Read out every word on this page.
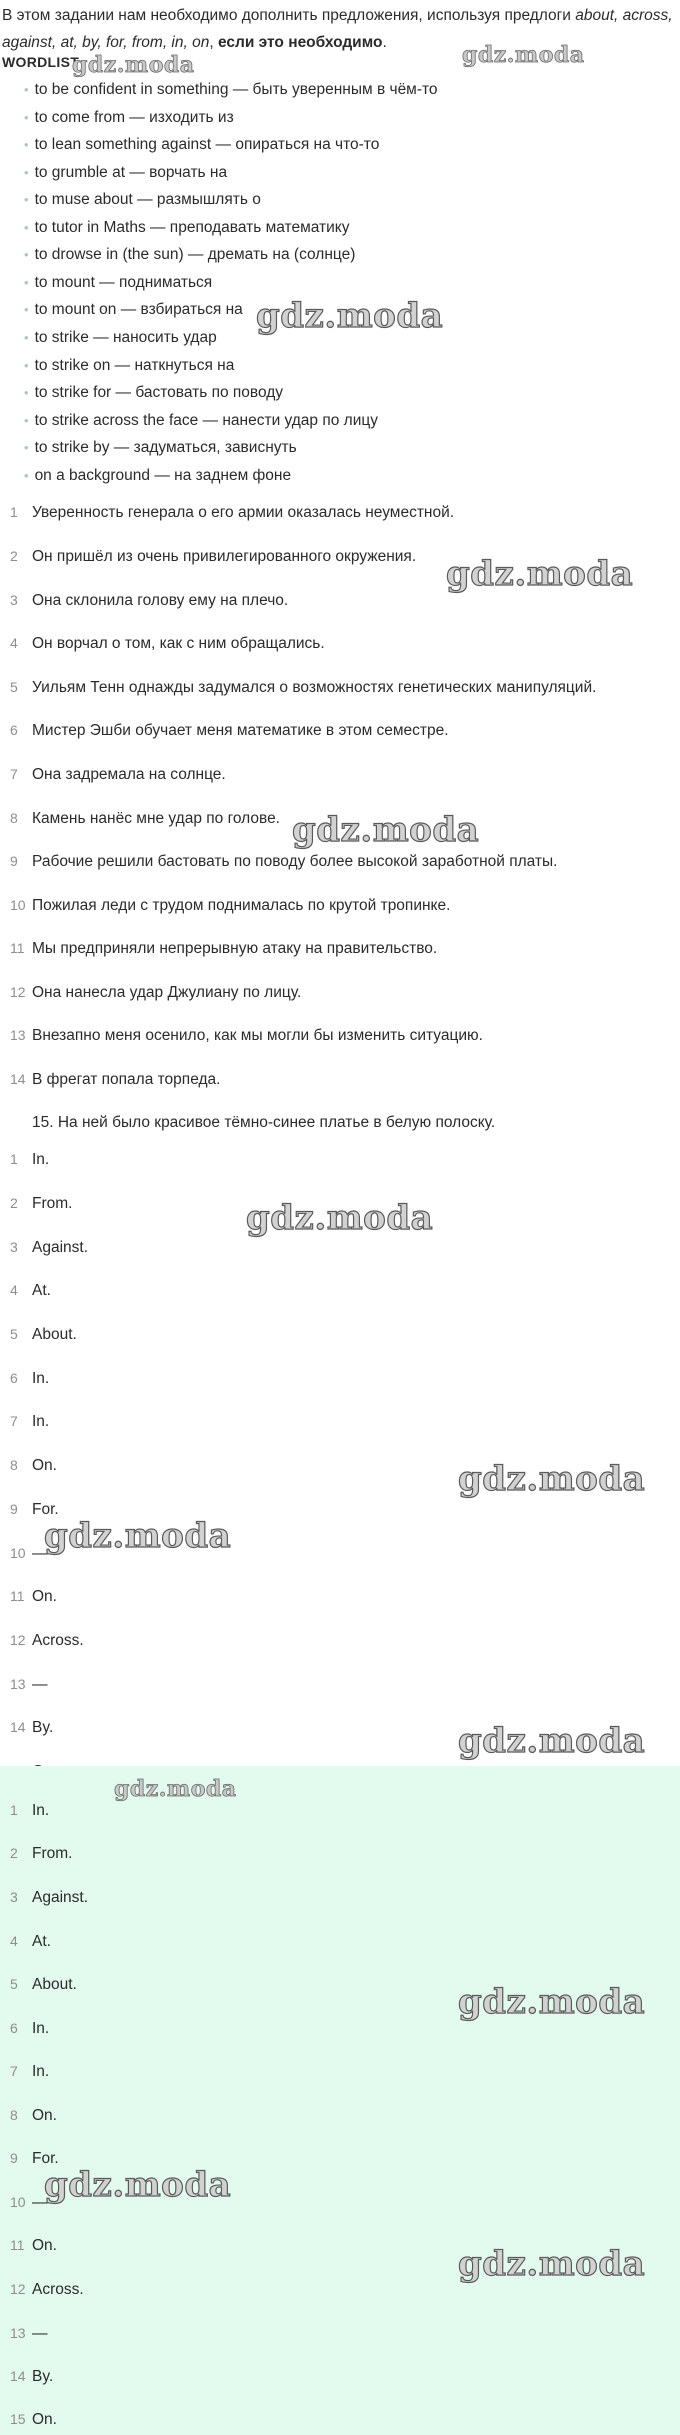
В этом задании нам необходимо дополнить предложения, используя предлоги about, across, against, at, by, for, from, in, on, если это необходимо.
WORDLIST
• to be confident in something — быть уверенным в чём-то
• to come from — изходить из
• to lean something against — опираться на что-то
• to grumble at — ворчать на
• to muse about — размышлять о
• to tutor in Maths — преподавать математику
• to drowse in (the sun) — дремать на (солнце)
• to mount — подниматься
• to mount on — взбираться на
• to strike — наносить удар
• to strike on — наткнуться на
• to strike for — бастовать по поводу
• to strike across the face — нанести удар по лицу
• to strike by — задуматься, зависнуть
• on a background — на заднем фоне
1 Уверенность генерала о его армии оказалась неуместной.
2 Он пришёл из очень привилегированного окружения.
3 Она склонила голову ему на плечо.
4 Он ворчал о том, как с ним обращались.
5 Уильям Тенн однажды задумался о возможностях генетических манипуляций.
6 Мистер Эшби обучает меня математике в этом семестре.
7 Она задремала на солнце.
8 Камень нанёс мне удар по голове.
9 Рабочие решили бастовать по поводу более высокой заработной платы.
10 Пожилая леди с трудом поднималась по крутой тропинке.
11 Мы предприняли непрерывную атаку на правительство.
12 Она нанесла удар Джулиану по лицу.
13 Внезапно меня осенило, как мы могли бы изменить ситуацию.
14 В фрегат попала торпеда.
15. На ней было красивое тёмно-синее платье в белую полоску.
1 In.
2 From.
3 Against.
4 At.
5 About.
6 In.
7 In.
8 On.
9 For.
10 —
11 On.
12 Across.
13 —
14 By.
1 In.
2 From.
3 Against.
4 At.
5 About.
6 In.
7 In.
8 On.
9 For.
10 —
11 On.
12 Across.
13 —
14 By.
15 On.
gdz.moda	gdz.moda
gdz.moda
gdz.moda
gdz.moda
gdz.moda
gdz.moda
gdz.moda
gdz.moda
gdz.moda
gdz.moda
gdz.moda
gdz.moda
